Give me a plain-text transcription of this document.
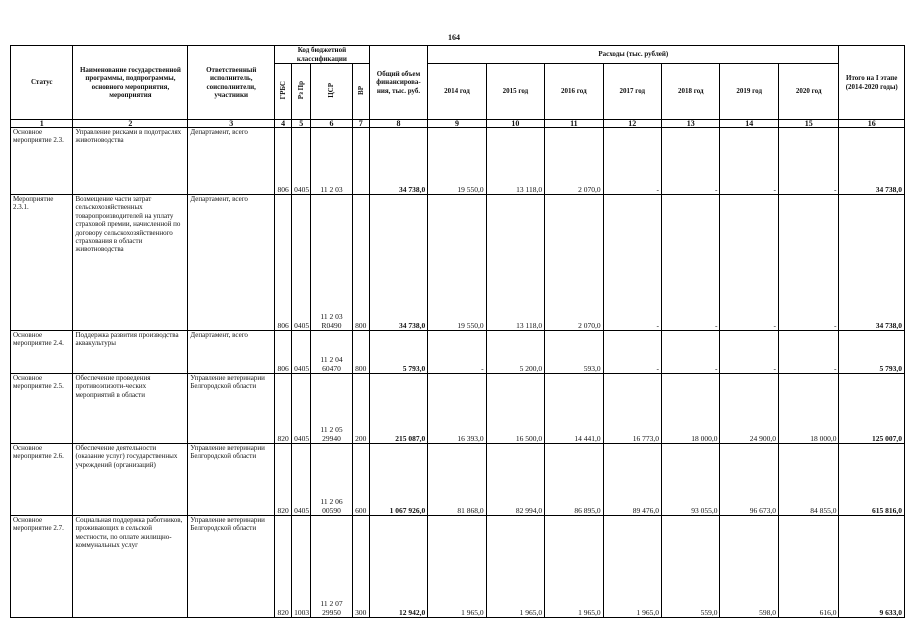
164
Статус	Наименование государственной программы, подпрограммы, основного мероприятия, мероприятия	Ответственный исполнитель, соисполнители, участники	Код бюджетной классификации				Общий объем финансирова-ния, тыс. руб.	Расходы (тыс. рублей)							Итого на I этапе (2014-2020 годы)
			ГРБС	Рз Пр	ЦСР	ВР		2014 год	2015 год	2016 год	2017 год	2018 год	2019 год	2020 год	
1	2	3	4	5	6	7	8	9	10	11	12	13	14	15	16
Основное мероприятие 2.3.	Управление рисками в подотраслях животноводства	Департамент, всего	806	0405	11 2 03		34 738,0	19 550,0	13 118,0	2 070,0	-	-	-	-	34 738,0
Мероприятие 2.3.1.	Возмещение части затрат сельскохозяйственных товаропроизводителей на уплату страховой премии, начисленной по договору сельскохозяйственного страхования в области животноводства	Департамент, всего	806	0405	11 2 03 R0490	800	34 738,0	19 550,0	13 118,0	2 070,0	-	-	-	-	34 738,0
Основное мероприятие 2.4.	Поддержка развития производства аквакультуры	Департамент, всего	806	0405	11 2 04 60470	800	5 793,0	-	5 200,0	593,0	-	-	-	-	5 793,0
Основное мероприятие 2.5.	Обеспечение проведения противоэпизоти-ческих мероприятий в области	Управление ветеринарии Белгородской области	820	0405	11 2 05 29940	200	215 087,0	16 393,0	16 500,0	14 441,0	16 773,0	18 000,0	24 900,0	18 000,0	125 007,0
Основное мероприятие 2.6.	Обеспечение деятельности (оказание услуг) государственных учреждений (организаций)	Управление ветеринарии Белгородской области	820	0405	11 2 06 00590	600	1 067 926,0	81 868,0	82 994,0	86 895,0	89 476,0	93 055,0	96 673,0	84 855,0	615 816,0
Основное мероприятие 2.7.	Социальная поддержка работников, проживающих в сельской местности, по оплате жилищно-коммунальных услуг	Управление ветеринарии Белгородской области	820	1003	11 2 07 29950	300	12 942,0	1 965,0	1 965,0	1 965,0	1 965,0	559,0	598,0	616,0	9 633,0
